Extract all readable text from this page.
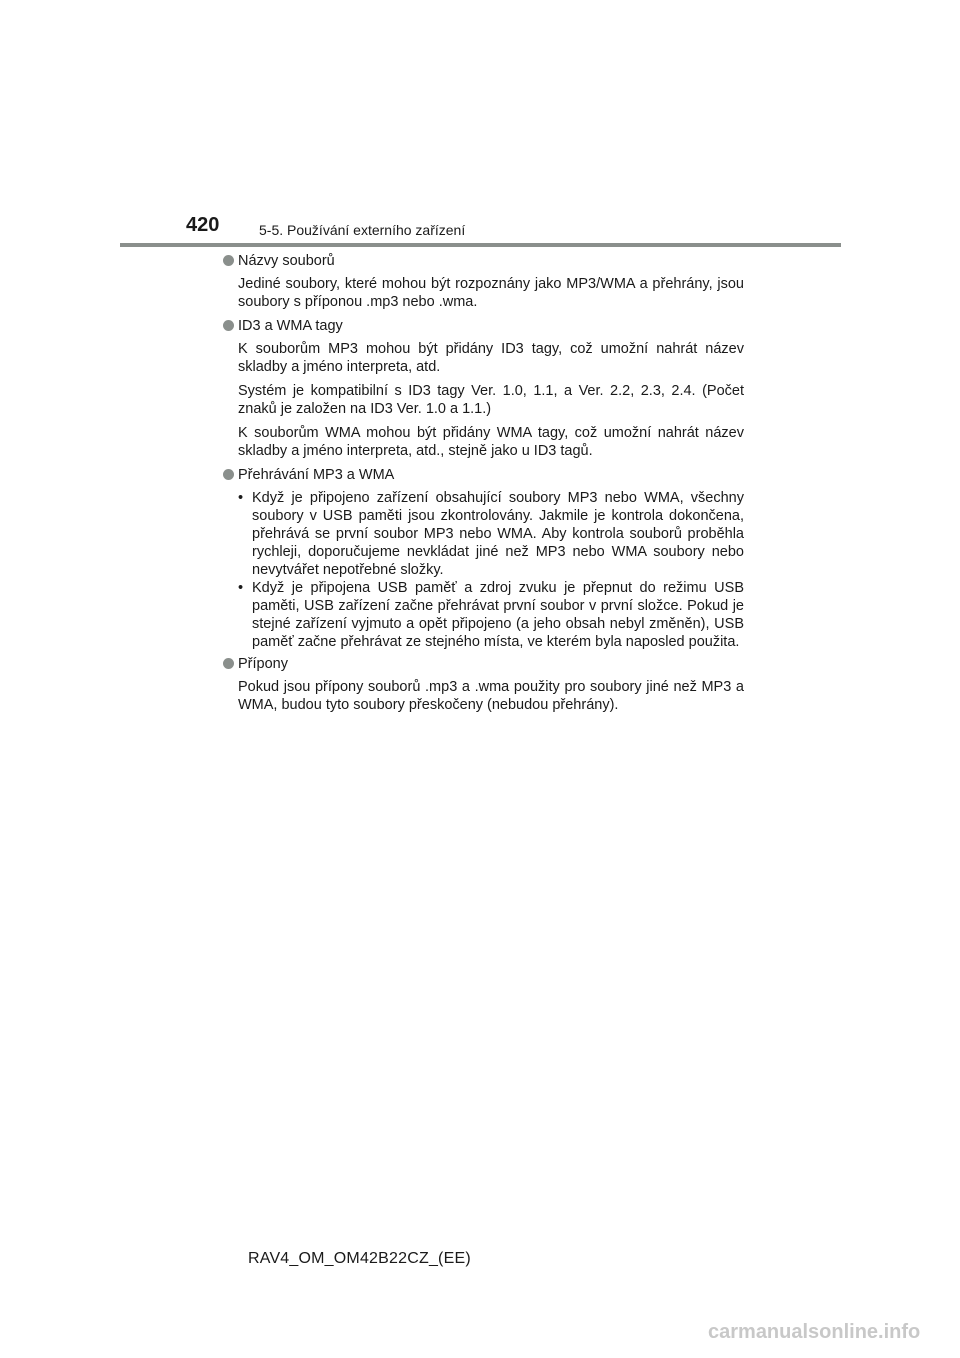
420	5-5. Používání externího zařízení
Názvy souborů

Jediné soubory, které mohou být rozpoznány jako MP3/WMA a přehrány, jsou soubory s příponou .mp3 nebo .wma.

ID3 a WMA tagy

K souborům MP3 mohou být přidány ID3 tagy, což umožní nahrát název skladby a jméno interpreta, atd.

Systém je kompatibilní s ID3 tagy Ver. 1.0, 1.1, a Ver. 2.2, 2.3, 2.4. (Počet znaků je založen na ID3 Ver. 1.0 a 1.1.)

K souborům WMA mohou být přidány WMA tagy, což umožní nahrát název skladby a jméno interpreta, atd., stejně jako u ID3 tagů.

Přehrávání MP3 a WMA
• Když je připojeno zařízení obsahující soubory MP3 nebo WMA, všechny soubory v USB paměti jsou zkontrolovány. Jakmile je kontrola dokončena, přehrává se první soubor MP3 nebo WMA. Aby kontrola souborů proběhla rychleji, doporučujeme nevkládat jiné než MP3 nebo WMA soubory nebo nevytvářet nepotřebné složky.
• Když je připojena USB paměť a zdroj zvuku je přepnut do režimu USB paměti, USB zařízení začne přehrávat první soubor v první složce. Pokud je stejné zařízení vyjmuto a opět připojeno (a jeho obsah nebyl změněn), USB paměť začne přehrávat ze stejného místa, ve kterém byla naposled použita.
Přípony

Pokud jsou přípony souborů .mp3 a .wma použity pro soubory jiné než MP3 a WMA, budou tyto soubory přeskočeny (nebudou přehrány).

RAV4_OM_OM42B22CZ_(EE)
carmanualsonline.info
